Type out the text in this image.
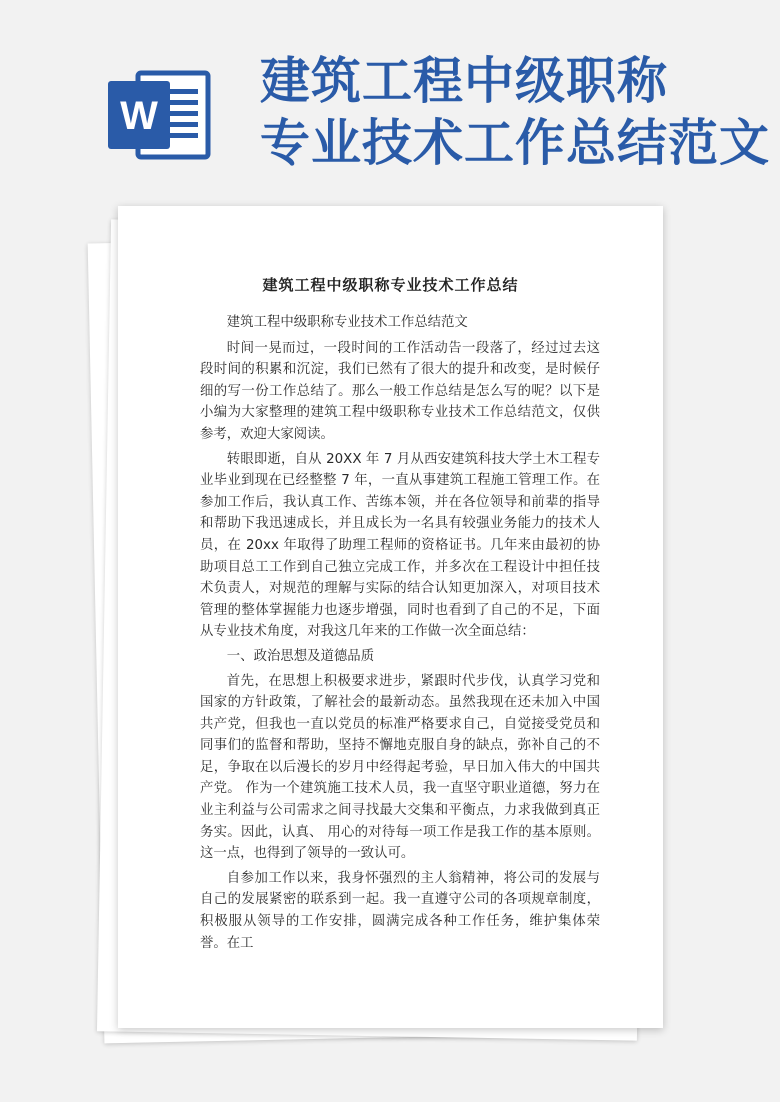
W
建筑工程中级职称
专业技术工作总结范文
建筑工程中级职称专业技术工作总结

建筑工程中级职称专业技术工作总结范文

时间一晃而过，一段时间的工作活动告一段落了，经过过去这段时间的积累和沉淀，我们已然有了很大的提升和改变，是时候仔细的写一份工作总结了。那么一般工作总结是怎么写的呢？以下是小编为大家整理的建筑工程中级职称专业技术工作总结范文，仅供参考，欢迎大家阅读。

转眼即逝，自从 20XX 年 7 月从西安建筑科技大学土木工程专业毕业到现在已经整整 7 年，一直从事建筑工程施工管理工作。在参加工作后，我认真工作、苦练本领，并在各位领导和前辈的指导和帮助下我迅速成长，并且成长为一名具有较强业务能力的技术人员，在 20xx 年取得了助理工程师的资格证书。几年来由最初的协助项目总工工作到自己独立完成工作，并多次在工程设计中担任技术负责人，对规范的理解与实际的结合认知更加深入，对项目技术管理的整体掌握能力也逐步增强，同时也看到了自己的不足，下面从专业技术角度，对我这几年来的工作做一次全面总结：

一、政治思想及道德品质

首先，在思想上积极要求进步，紧跟时代步伐，认真学习党和国家的方针政策，了解社会的最新动态。虽然我现在还未加入中国共产党，但我也一直以党员的标准严格要求自己，自觉接受党员和同事们的监督和帮助，坚持不懈地克服自身的缺点，弥补自己的不足，争取在以后漫长的岁月中经得起考验，早日加入伟大的中国共产党。 作为一个建筑施工技术人员，我一直坚守职业道德，努力在业主利益与公司需求之间寻找最大交集和平衡点，力求我做到真正务实。因此，认真、 用心的对待每一项工作是我工作的基本原则。这一点，也得到了领导的一致认可。

自参加工作以来，我身怀强烈的主人翁精神，将公司的发展与自己的发展紧密的联系到一起。我一直遵守公司的各项规章制度，积极服从领导的工作安排，圆满完成各种工作任务，维护集体荣誉。在工
